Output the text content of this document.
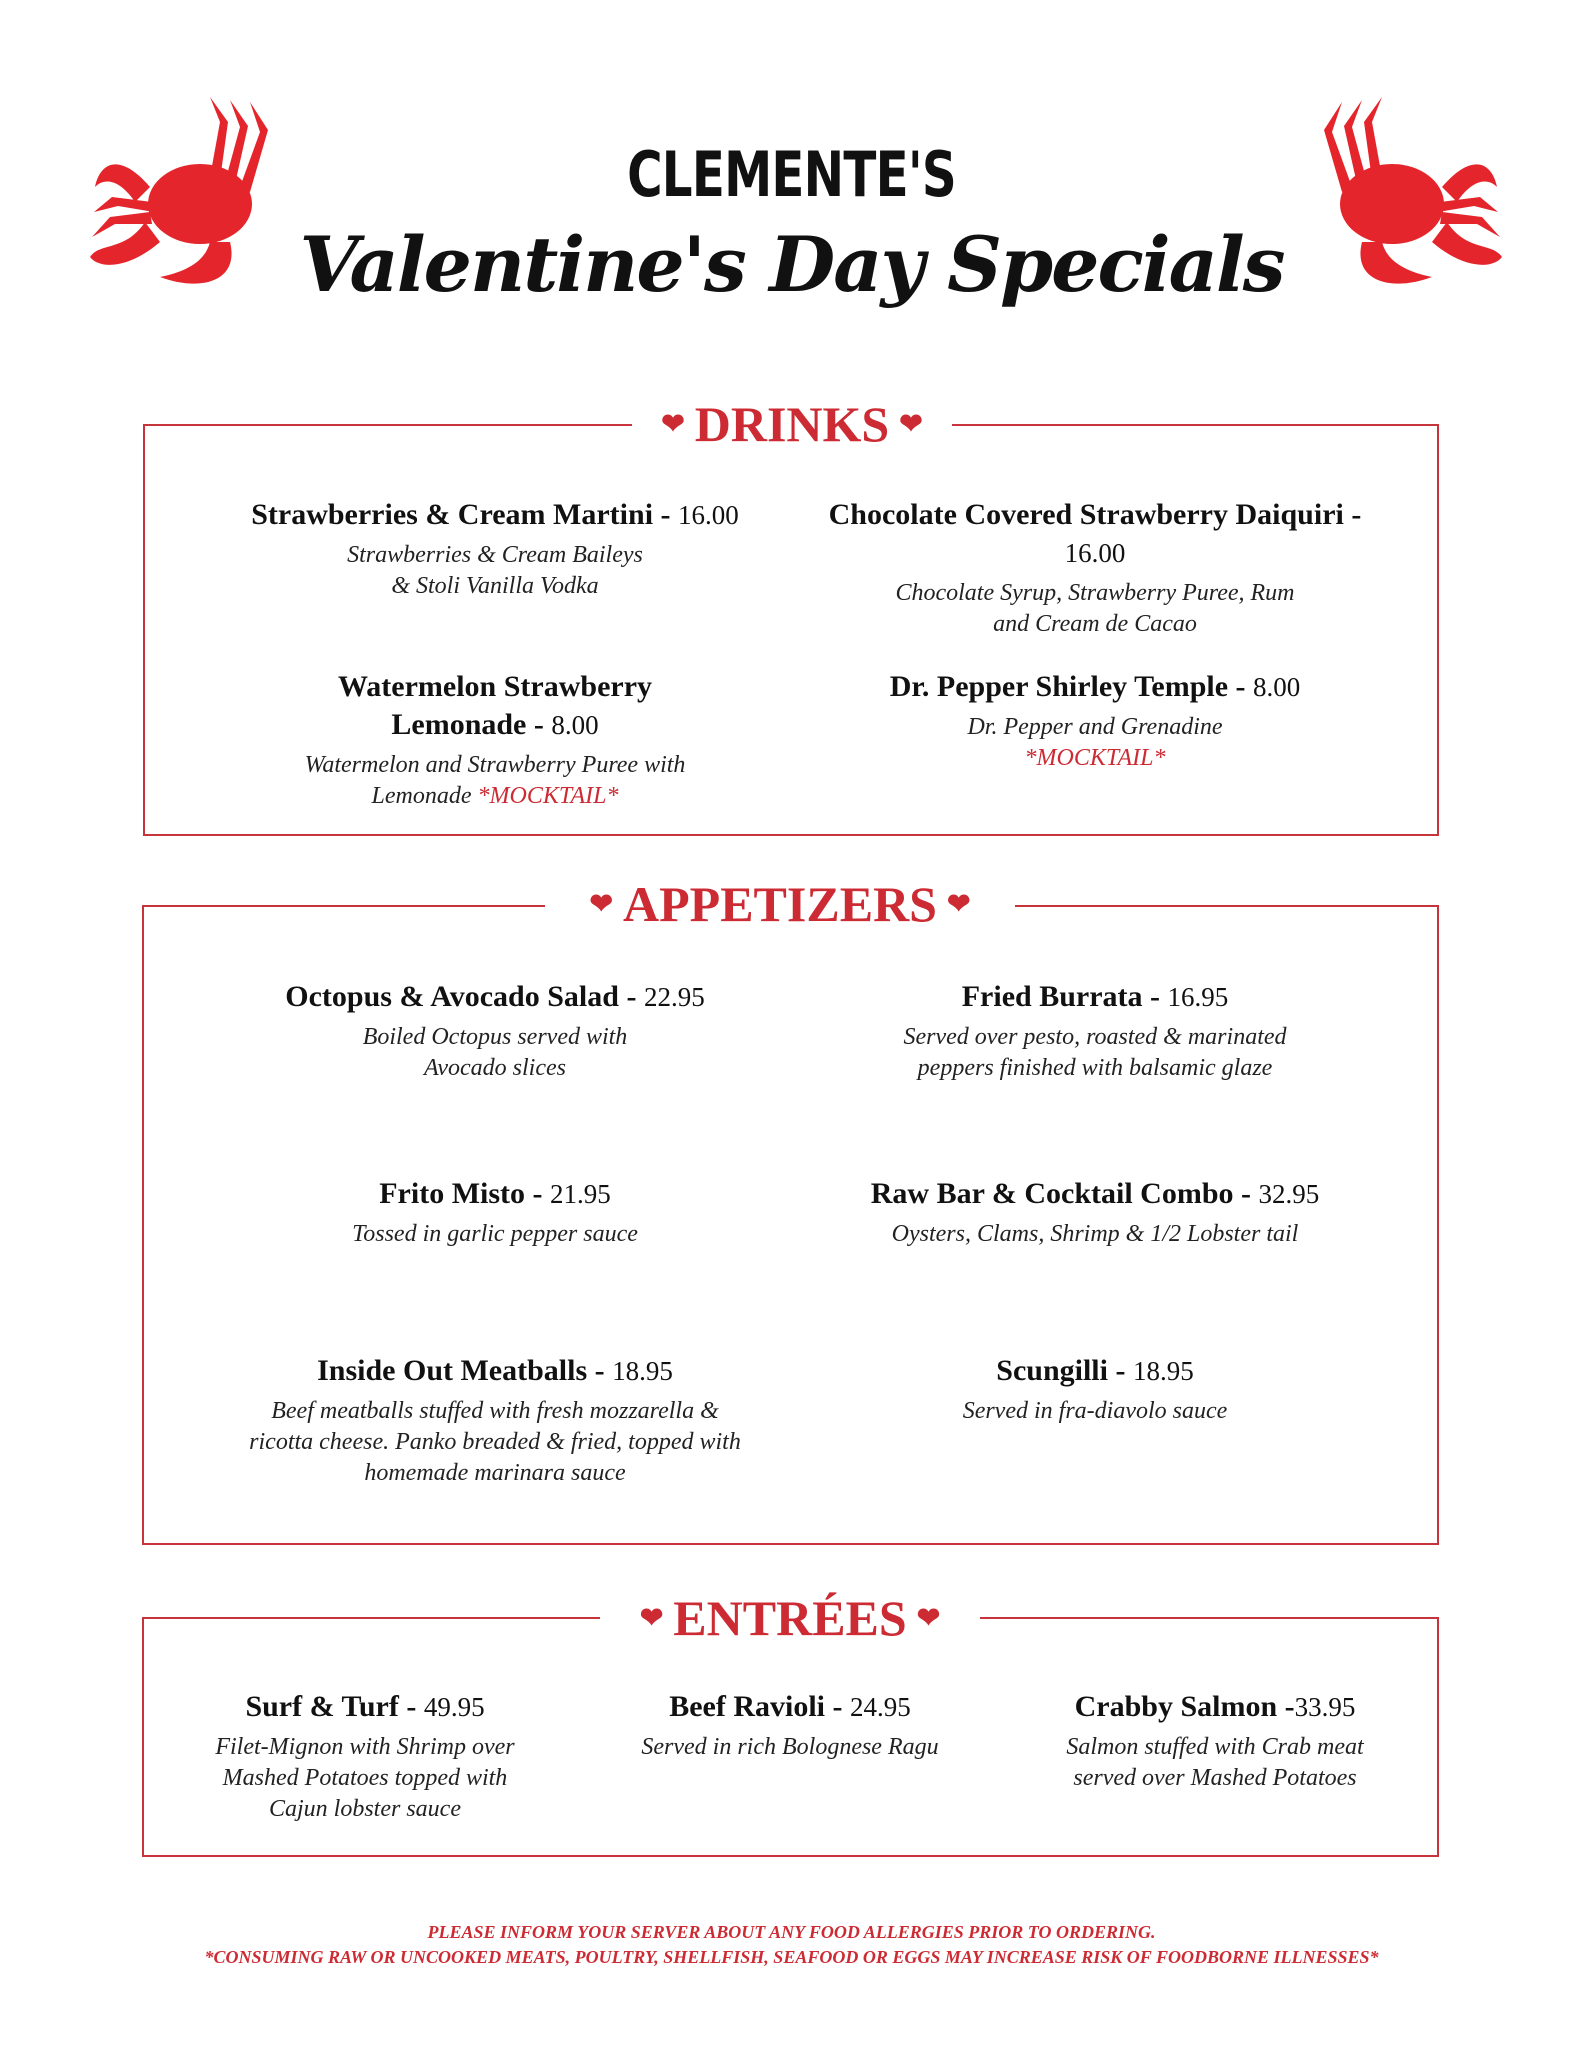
CLEMENTE'S
Valentine's Day Specials
❤ DRINKS ❤
Strawberries & Cream Martini - 16.00
Strawberries & Cream Baileys
& Stoli Vanilla Vodka
Chocolate Covered Strawberry Daiquiri - 16.00
Chocolate Syrup, Strawberry Puree, Rum
and Cream de Cacao
Watermelon Strawberry Lemonade - 8.00
Watermelon and Strawberry Puree with
Lemonade *MOCKTAIL*
Dr. Pepper Shirley Temple - 8.00
Dr. Pepper and Grenadine
*MOCKTAIL*
❤ APPETIZERS ❤
Octopus & Avocado Salad - 22.95
Boiled Octopus served with
Avocado slices
Fried Burrata - 16.95
Served over pesto, roasted & marinated
peppers finished with balsamic glaze
Frito Misto - 21.95
Tossed in garlic pepper sauce
Raw Bar & Cocktail Combo - 32.95
Oysters, Clams, Shrimp & 1/2 Lobster tail
Inside Out Meatballs - 18.95
Beef meatballs stuffed with fresh mozzarella &
ricotta cheese. Panko breaded & fried, topped with
homemade marinara sauce
Scungilli - 18.95
Served in fra-diavolo sauce
❤ ENTRÉES ❤
Surf & Turf - 49.95
Filet-Mignon with Shrimp over
Mashed Potatoes topped with
Cajun lobster sauce
Beef Ravioli - 24.95
Served in rich Bolognese Ragu
Crabby Salmon -33.95
Salmon stuffed with Crab meat
served over Mashed Potatoes
PLEASE INFORM YOUR SERVER ABOUT ANY FOOD ALLERGIES PRIOR TO ORDERING.
*CONSUMING RAW OR UNCOOKED MEATS, POULTRY, SHELLFISH, SEAFOOD OR EGGS MAY INCREASE RISK OF FOODBORNE ILLNESSES*
